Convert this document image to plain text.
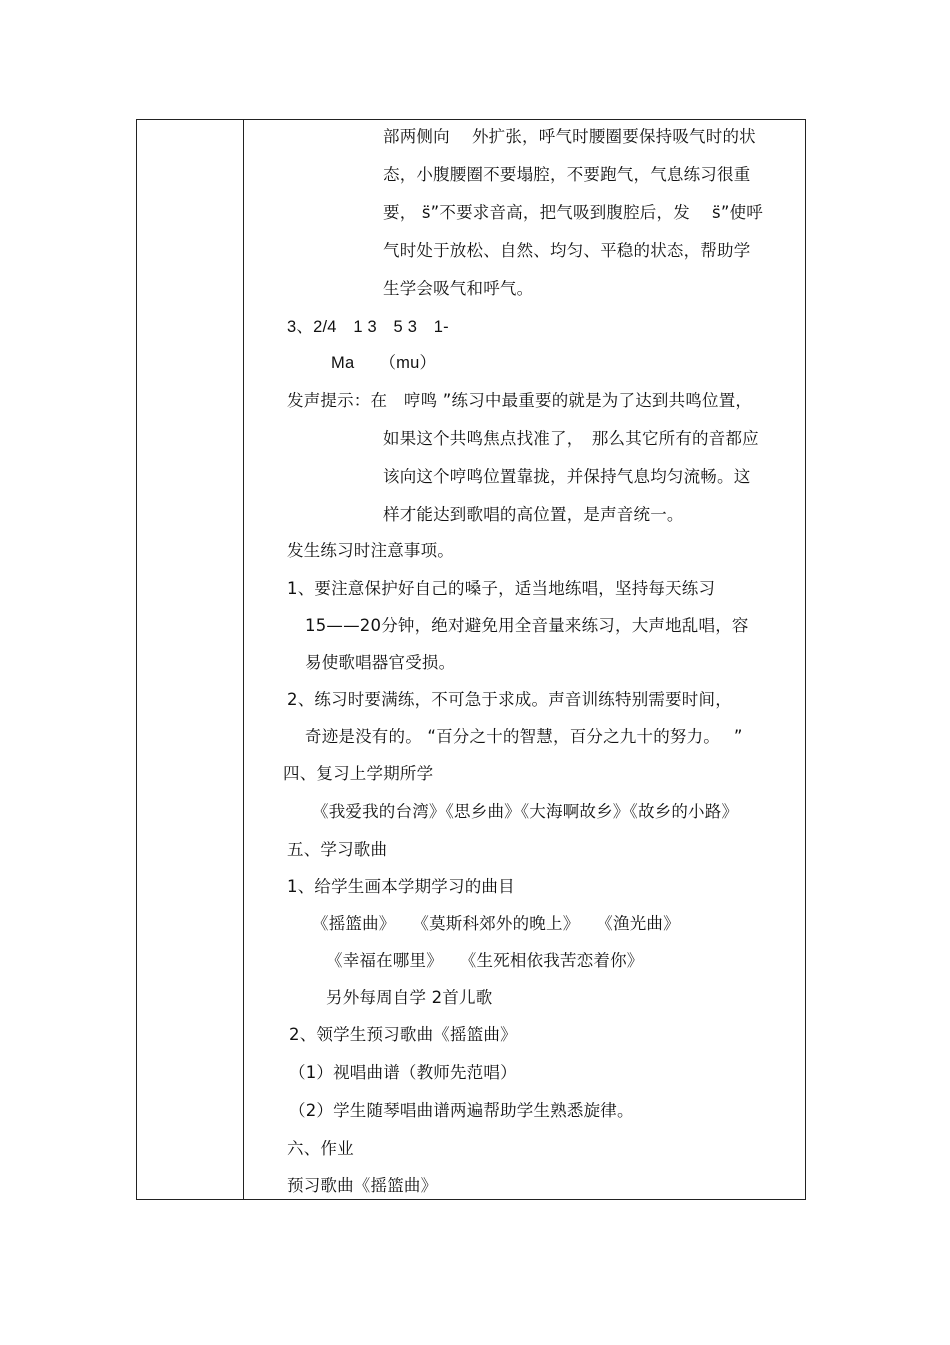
部两侧向　 外扩张，呼气时腰圈要保持吸气时的状
态，小腹腰圈不要塌腔，不要跑气，气息练习很重
要， s̈”不要求音高，把气吸到腹腔后，发 　s̈”使呼
气时处于放松、自然、均匀、平稳的状态，帮助学
生学会吸气和呼气。
3、2/4　1 3　5 3　1-
Ma　　（mu）
发声提示：在　哼鸣 ”练习中最重要的就是为了达到共鸣位置，
如果这个共鸣焦点找准了，　那么其它所有的音都应
该向这个哼鸣位置靠拢，并保持气息均匀流畅。这
样才能达到歌唱的高位置，是声音统一。
发生练习时注意事项。
1、要注意保护好自己的嗓子，适当地练唱，坚持每天练习
15——20分钟，绝对避免用全音量来练习，大声地乱唱，容
易使歌唱器官受损。
2、练习时要满练，不可急于求成。声音训练特别需要时间，
奇迹是没有的。 “百分之十的智慧，百分之九十的努力。　 ”
四、复习上学期所学
《我爱我的台湾》《思乡曲》《大海啊故乡》《故乡的小路》
五、学习歌曲
1、给学生画本学期学习的曲目
《摇篮曲》　　《莫斯科郊外的晚上》　　《渔光曲》
《幸福在哪里》　　《生死相依我苦恋着你》
另外每周自学 2首儿歌
2、领学生预习歌曲《摇篮曲》
（1）视唱曲谱（教师先范唱）
（2）学生随琴唱曲谱两遍帮助学生熟悉旋律。
六、作业
预习歌曲《摇篮曲》
